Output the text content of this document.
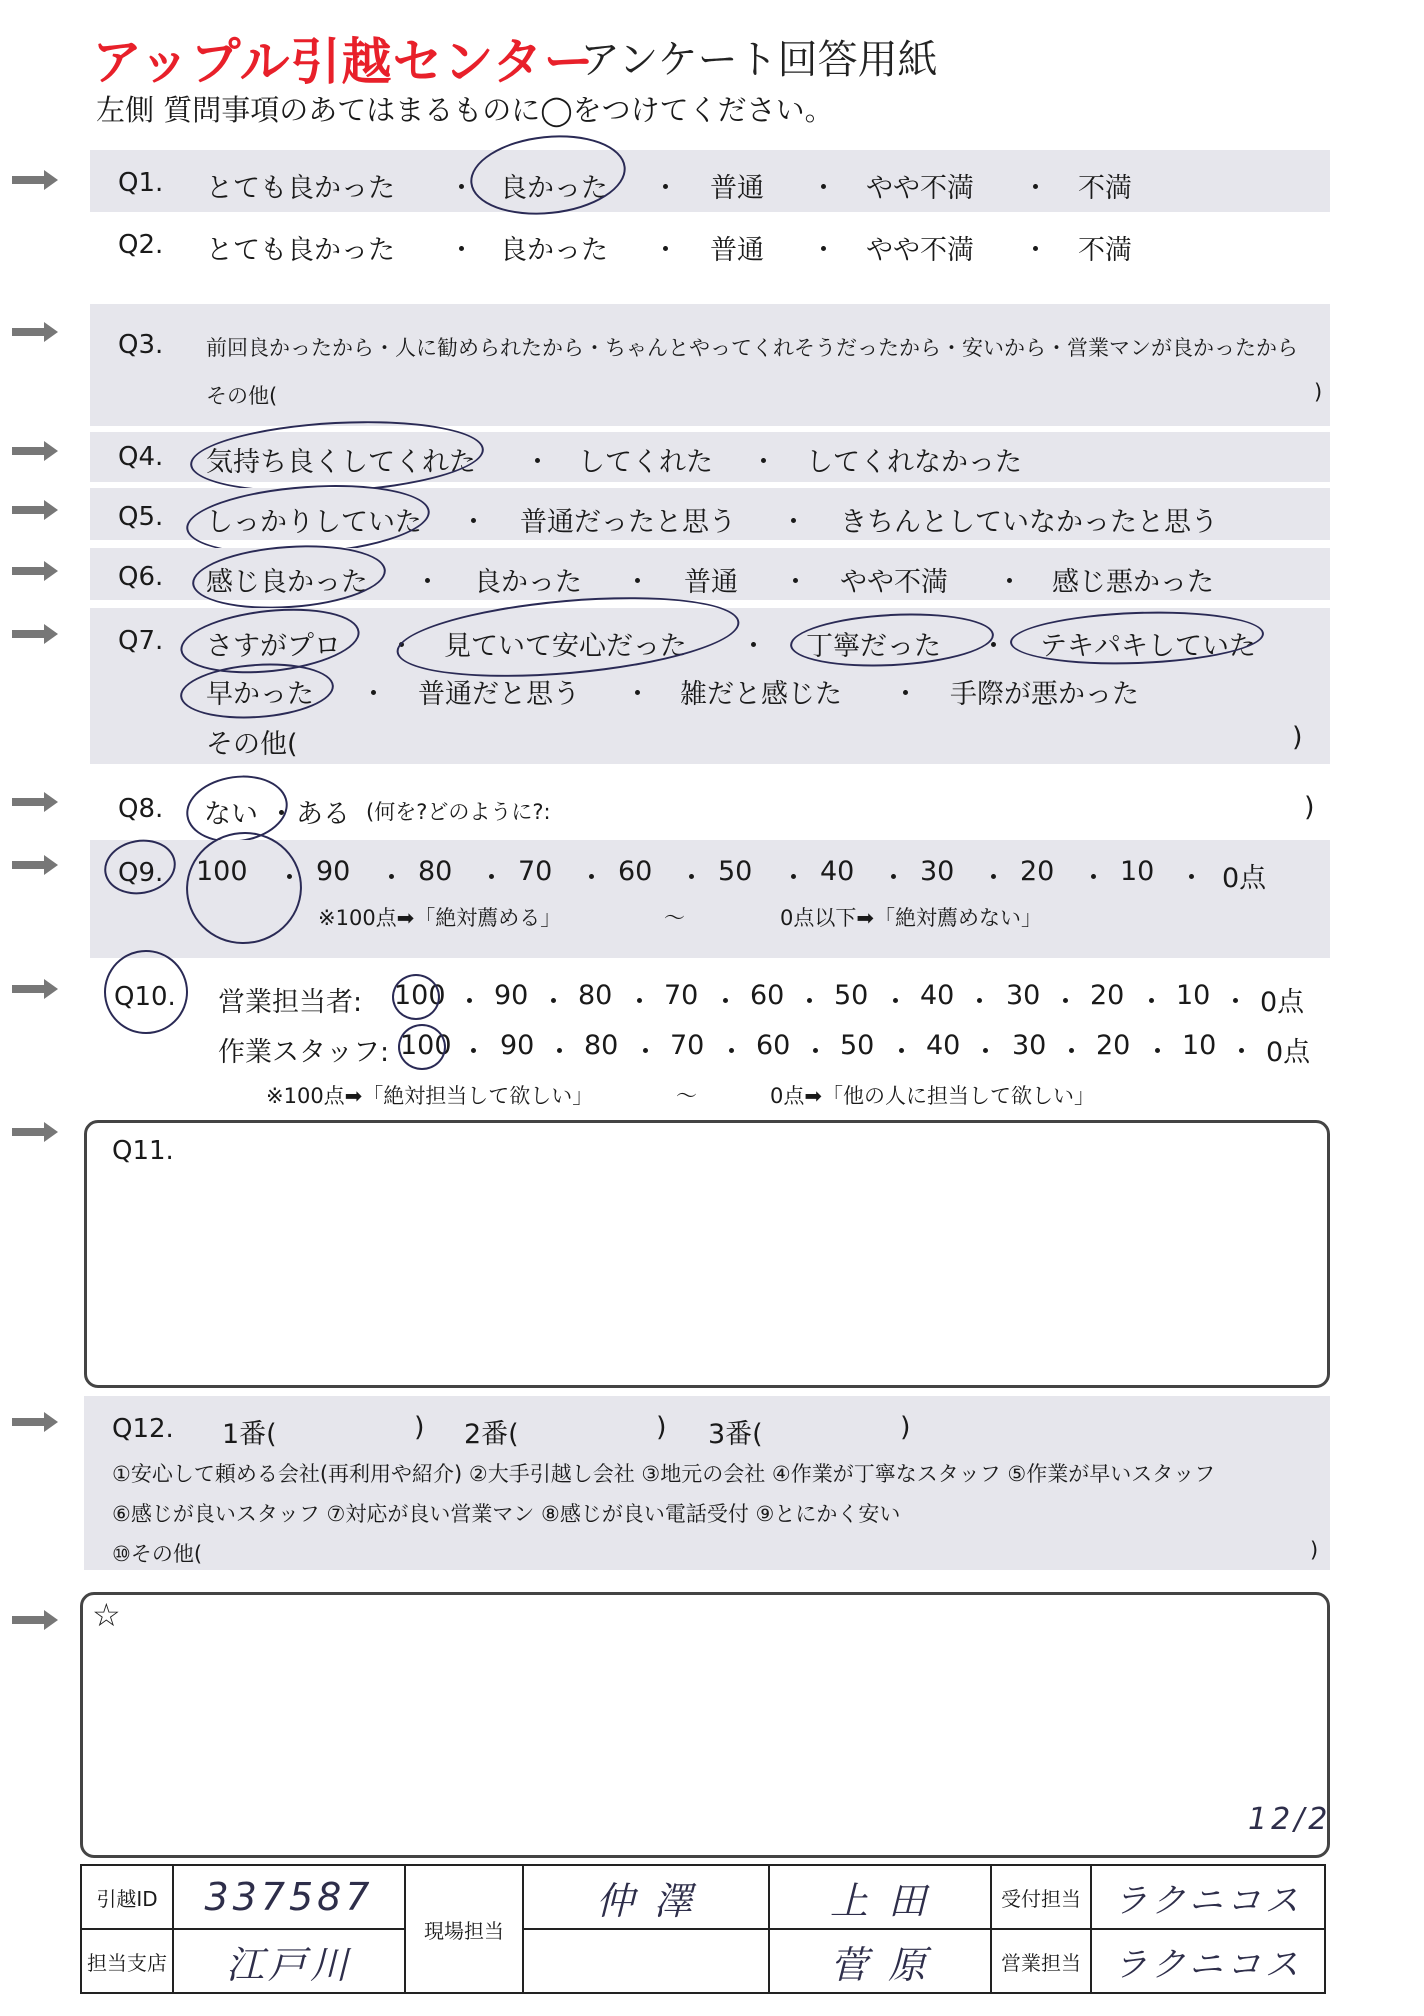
アップル引越センター
アンケート回答用紙
左側 質問事項のあてはまるものに◯をつけてください。
Q1. とても良かった ・ 良かった ・ 普通 ・ やや不満 ・ 不満
Q2. とても良かった ・ 良かった ・ 普通 ・ やや不満 ・ 不満
Q3. 前回良かったから・人に勧められたから・ちゃんとやってくれそうだったから・安いから・営業マンが良かったから
その他(	)
Q4. 気持ち良くしてくれた ・ してくれた ・ してくれなかった
Q5. しっかりしていた ・ 普通だったと思う ・ きちんとしていなかったと思う
Q6. 感じ良かった ・ 良かった ・ 普通 ・ やや不満 ・ 感じ悪かった
Q7. さすがプロ ・ 見ていて安心だった ・ 丁寧だった ・ テキパキしていた
早かった ・ 普通だと思う ・ 雑だと感じた ・ 手際が悪かった
その他(	)
Q8. ない ・ ある (何を?どのように?:	)
Q9. 100 ・ 90 ・ 80 ・ 70 ・ 60 ・ 50 ・ 40 ・ 30 ・ 20 ・ 10 ・ 0点
※100点➡「絶対薦める」	〜	0点以下➡「絶対薦めない」
Q10. 営業担当者: 100 ・ 90 ・ 80 ・ 70 ・ 60 ・ 50 ・ 40 ・ 30 ・ 20 ・ 10 ・ 0点
作業スタッフ: 100 ・ 90 ・ 80 ・ 70 ・ 60 ・ 50 ・ 40 ・ 30 ・ 20 ・ 10 ・ 0点
※100点➡「絶対担当して欲しい」	〜	0点➡「他の人に担当して欲しい」
Q11.
Q12. 1番(	) 2番(	) 3番(	)
①安心して頼める会社(再利用や紹介) ②大手引越し会社 ③地元の会社 ④作業が丁寧なスタッフ ⑤作業が早いスタッフ
⑥感じが良いスタッフ ⑦対応が良い営業マン ⑧感じが良い電話受付 ⑨とにかく安い
⑩その他(	)
☆
12/2
引越ID	337587	現場担当	仲 澤	上 田	受付担当	ラクニコス
担当支店	江戸川			菅 原	営業担当	ラクニコス
